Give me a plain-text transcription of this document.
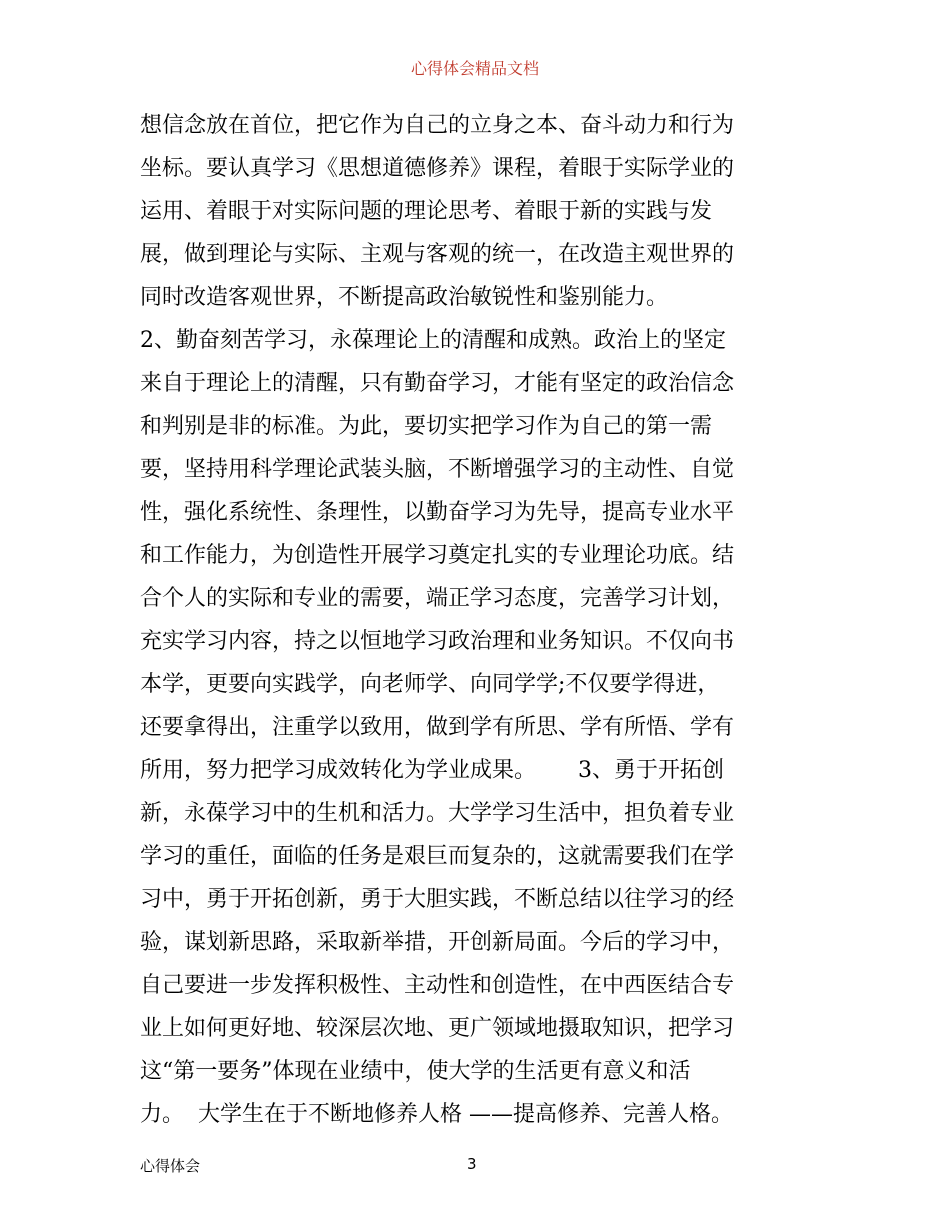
心得体会精品文档
想信念放在首位，把它作为自己的立身之本、奋斗动力和行为
坐标。要认真学习《思想道德修养》课程，着眼于实际学业的
运用、着眼于对实际问题的理论思考、着眼于新的实践与发
展，做到理论与实际、主观与客观的统一，在改造主观世界的
同时改造客观世界，不断提高政治敏锐性和鉴别能力。
2、勤奋刻苦学习，永葆理论上的清醒和成熟。政治上的坚定
来自于理论上的清醒，只有勤奋学习，才能有坚定的政治信念
和判别是非的标准。为此，要切实把学习作为自己的第一需
要，坚持用科学理论武装头脑，不断增强学习的主动性、自觉
性，强化系统性、条理性，以勤奋学习为先导，提高专业水平
和工作能力，为创造性开展学习奠定扎实的专业理论功底。结
合个人的实际和专业的需要，端正学习态度，完善学习计划，
充实学习内容，持之以恒地学习政治理和业务知识。不仅向书
本学，更要向实践学，向老师学、向同学学;不仅要学得进，
还要拿得出，注重学以致用，做到学有所思、学有所悟、学有
所用，努力把学习成效转化为学业成果。      3、勇于开拓创
新，永葆学习中的生机和活力。大学学习生活中，担负着专业
学习的重任，面临的任务是艰巨而复杂的，这就需要我们在学
习中，勇于开拓创新，勇于大胆实践，不断总结以往学习的经
验，谋划新思路，采取新举措，开创新局面。今后的学习中，
自己要进一步发挥积极性、主动性和创造性，在中西医结合专
业上如何更好地、较深层次地、更广领域地摄取知识，把学习
这“第一要务”体现在业绩中，使大学的生活更有意义和活
力。  大学生在于不断地修养人格 ——提高修养、完善人格。
心得体会	3
